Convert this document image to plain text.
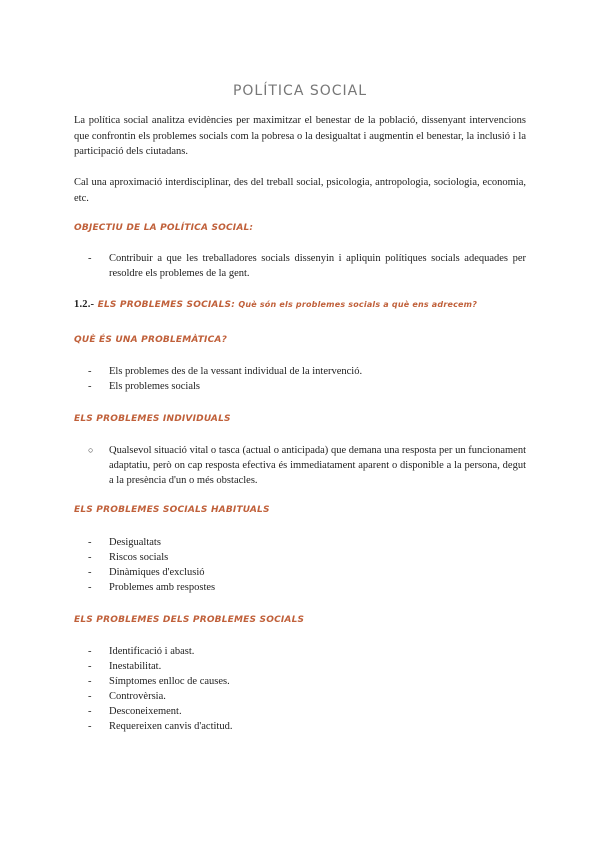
POLÍTICA SOCIAL

La política social analitza evidències per maximitzar el benestar de la població, dissenyant intervencions que confrontin els problemes socials com la pobresa o la desigualtat i augmentin el benestar, la inclusió i la participació dels ciutadans.

Cal una aproximació interdisciplinar, des del treball social, psicologia, antropologia, sociologia, economia, etc.

OBJECTIU DE LA POLÍTICA SOCIAL:
- Contribuir a que les treballadores socials dissenyin i apliquin polítiques socials adequades per resoldre els problemes de la gent.
1.2.- ELS PROBLEMES SOCIALS: Què són els problemes socials a què ens adrecem?
QUÈ ÉS UNA PROBLEMÀTICA?
- Els problemes des de la vessant individual de la intervenció.
- Els problemes socials
ELS PROBLEMES INDIVIDUALS
○ Qualsevol situació vital o tasca (actual o anticipada) que demana una resposta per un funcionament adaptatiu, però on cap resposta efectiva és immediatament aparent o disponible a la persona, degut a la presència d'un o més obstacles.
ELS PROBLEMES SOCIALS HABITUALS
- Desigualtats
- Riscos socials
- Dinàmiques d'exclusió
- Problemes amb respostes
ELS PROBLEMES DELS PROBLEMES SOCIALS
- Identificació i abast.
- Inestabilitat.
- Símptomes enlloc de causes.
- Controvèrsia.
- Desconeixement.
- Requereixen canvis d'actitud.
